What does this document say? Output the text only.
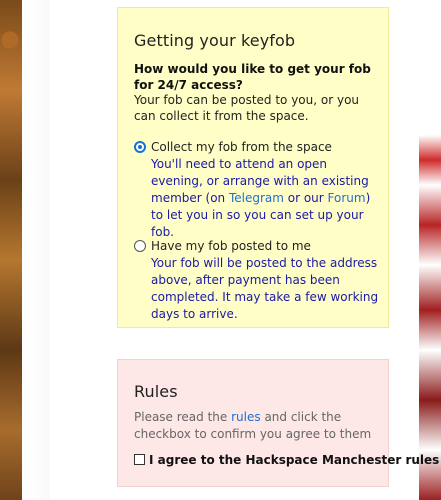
Getting your keyfob
How would you like to get your fob for 24/7 access?
Your fob can be posted to you, or you can collect it from the space.
Collect my fob from the space
You'll need to attend an open evening, or arrange with an existing member (on Telegram or our Forum) to let you in so you can set up your fob.
Have my fob posted to me
Your fob will be posted to the address above, after payment has been completed. It may take a few working days to arrive.
Rules
Please read the rules and click the checkbox to confirm you agree to them
I agree to the Hackspace Manchester rules
